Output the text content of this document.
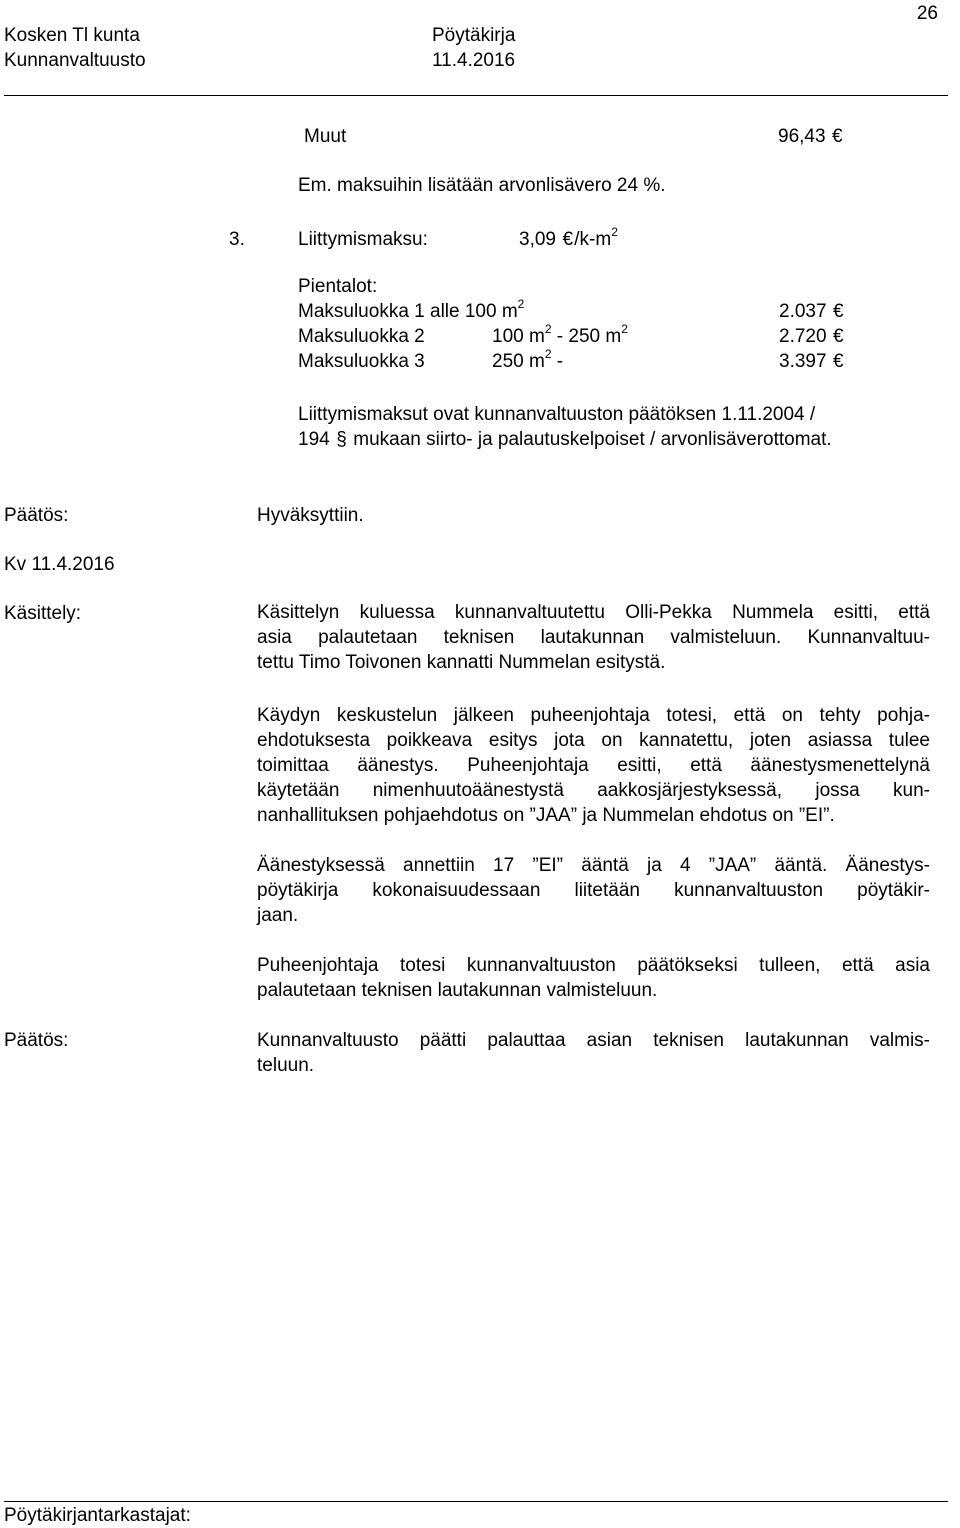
26
Kosken Tl kunta
Kunnanvaltuusto
Pöytäkirja
11.4.2016
Muut	96,43 €
Em. maksuihin lisätään arvonlisävero 24 %.
3.	Liittymismaksu:	3,09 $€/k-m^2$
Pientalot:
Maksuluokka 1 alle 100 $m^2$	2.037 €
Maksuluokka 2	100 $m^2 - 250$ $m^2$	2.720 €
Maksuluokka 3	250 $m^2$ -	3.397 €
Liittymismaksut ovat kunnanvaltuuston päätöksen 1.11.2004 /
194 § mukaan siirto- ja palautuskelpoiset / arvonlisäverottomat.
Päätös:	Hyväksyttiin.
Kv 11.4.2016
Käsittely:	Käsittelyn kuluessa kunnanvaltuutettu Olli-Pekka Nummela esitti, että
asia palautetaan teknisen lautakunnan valmisteluun. Kunnanvaltuu-
tettu Timo Toivonen kannatti Nummelan esitystä.
Käydyn keskustelun jälkeen puheenjohtaja totesi, että on tehty pohja-
ehdotuksesta poikkeava esitys jota on kannatettu, joten asiassa tulee
toimittaa äänestys. Puheenjohtaja esitti, että äänestysmenettelynä
käytetään nimenhuutoäänestystä aakkosjärjestyksessä, jossa kun-
nanhallituksen pohjaehdotus on ”JAA” ja Nummelan ehdotus on ”EI”.
Äänestyksessä annettiin 17 ”EI” ääntä ja 4 ”JAA” ääntä. Äänestys-
pöytäkirja kokonaisuudessaan liitetään kunnanvaltuuston pöytäkir-
jaan.
Puheenjohtaja totesi kunnanvaltuuston päätökseksi tulleen, että asia
palautetaan teknisen lautakunnan valmisteluun.
Päätös:	Kunnanvaltuusto päätti palauttaa asian teknisen lautakunnan valmis-
teluun.
Pöytäkirjantarkastajat:
